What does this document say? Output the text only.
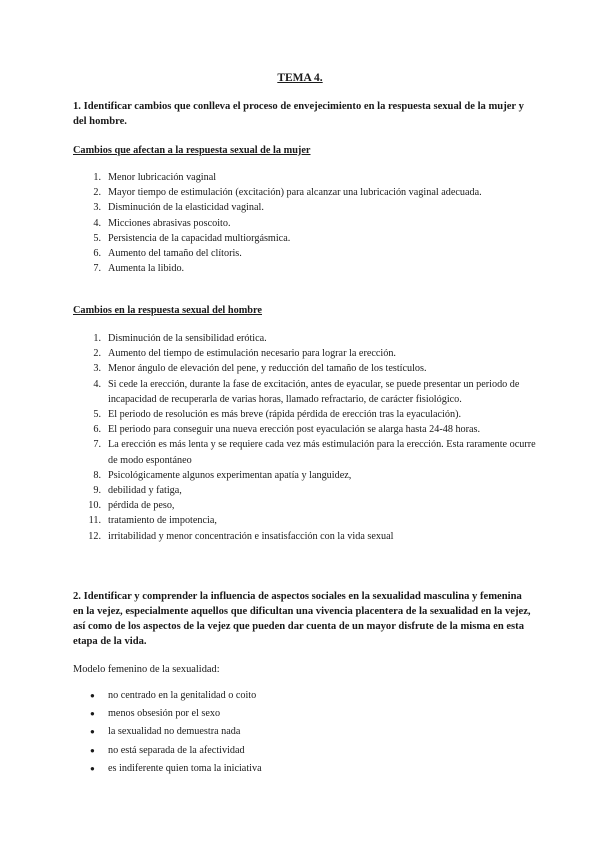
TEMA 4.
1. Identificar cambios que conlleva el proceso de envejecimiento en la respuesta sexual de la mujer y del hombre.
Cambios que afectan a la respuesta sexual de la mujer
1. Menor lubricación vaginal
2. Mayor tiempo de estimulación (excitación) para alcanzar una lubricación vaginal adecuada.
3. Disminución de la elasticidad vaginal.
4. Micciones abrasivas poscoito.
5. Persistencia de la capacidad multiorgásmica.
6. Aumento del tamaño del clítoris.
7. Aumenta la libido.
Cambios en la respuesta sexual del hombre
1. Disminución de la sensibilidad erótica.
2. Aumento del tiempo de estimulación necesario para lograr la erección.
3. Menor ángulo de elevación del pene, y reducción del tamaño de los testículos.
4. Si cede la erección, durante la fase de excitación, antes de eyacular, se puede presentar un periodo de incapacidad de recuperarla de varias horas, llamado refractario, de carácter fisiológico.
5. El periodo de resolución es más breve (rápida pérdida de erección tras la eyaculación).
6. El periodo para conseguir una nueva erección post eyaculación se alarga hasta 24-48 horas.
7. La erección es más lenta y se requiere cada vez más estimulación para la erección. Esta raramente ocurre de modo espontáneo
8. Psicológicamente algunos experimentan apatía y languidez,
9. debilidad y fatiga,
10. pérdida de peso,
11. tratamiento de impotencia,
12. irritabilidad y menor concentración e insatisfacción con la vida sexual
2. Identificar y comprender la influencia de aspectos sociales en la sexualidad masculina y femenina en la vejez, especialmente aquellos que dificultan una vivencia placentera de la sexualidad en la vejez, así como de los aspectos de la vejez que pueden dar cuenta de un mayor disfrute de la misma en esta etapa de la vida.
Modelo femenino de la sexualidad:
● no centrado en la genitalidad o coito
● menos obsesión por el sexo
● la sexualidad no demuestra nada
● no está separada de la afectividad
● es indiferente quien toma la iniciativa
